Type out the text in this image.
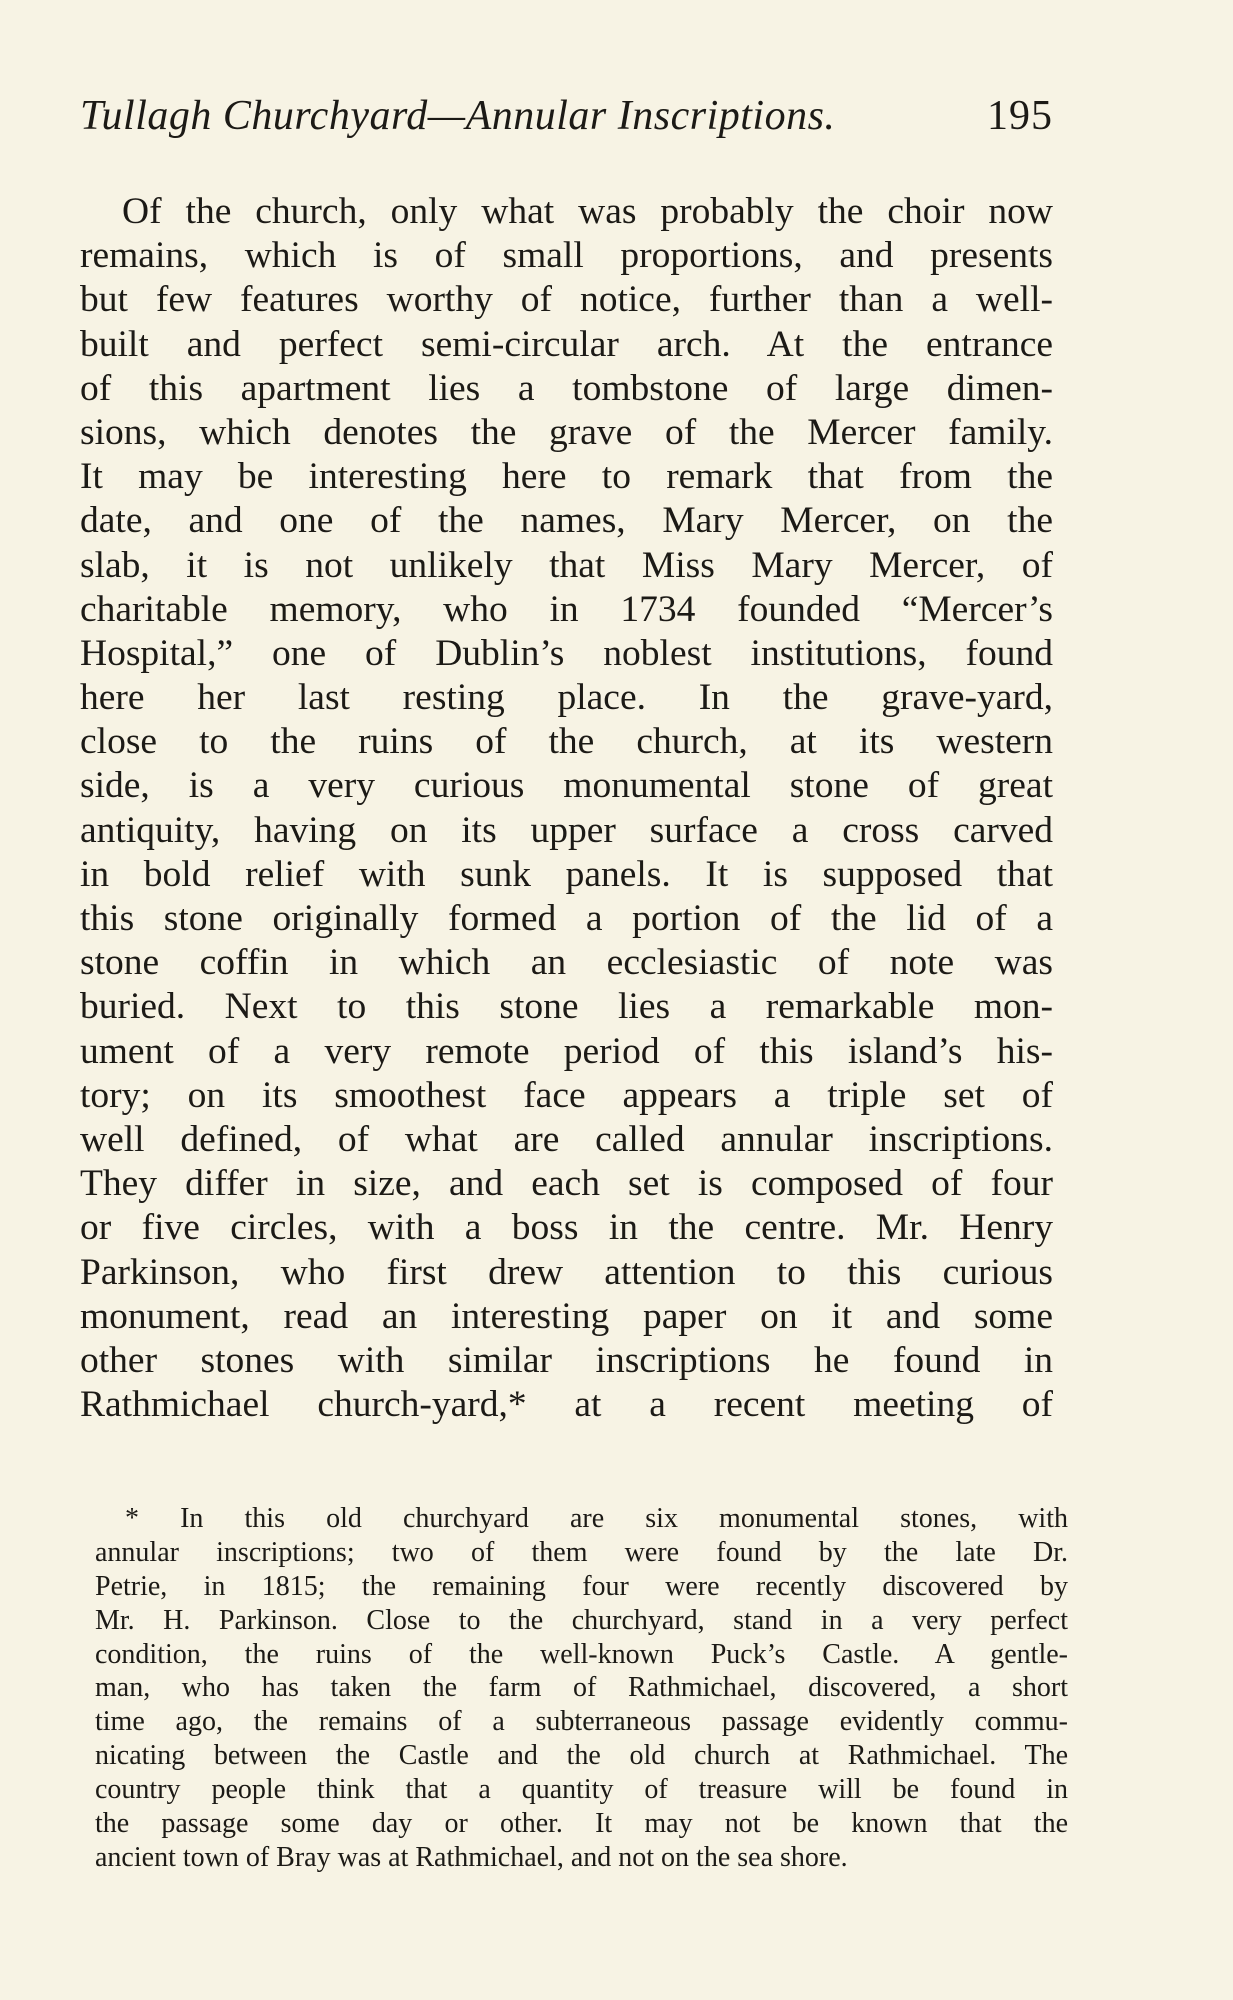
Tullagh Churchyard—Annular Inscriptions.	195
Of the church, only what was probably the choir now
remains, which is of small proportions, and presents
but few features worthy of notice, further than a well-
built and perfect semi-circular arch. At the entrance
of this apartment lies a tombstone of large dimen-
sions, which denotes the grave of the Mercer family.
It may be interesting here to remark that from the
date, and one of the names, Mary Mercer, on the
slab, it is not unlikely that Miss Mary Mercer, of
charitable memory, who in 1734 founded “Mercer’s
Hospital,” one of Dublin’s noblest institutions, found
here her last resting place. In the grave-yard,
close to the ruins of the church, at its western
side, is a very curious monumental stone of great
antiquity, having on its upper surface a cross carved
in bold relief with sunk panels. It is supposed that
this stone originally formed a portion of the lid of a
stone coffin in which an ecclesiastic of note was
buried. Next to this stone lies a remarkable mon-
ument of a very remote period of this island’s his-
tory; on its smoothest face appears a triple set of
well defined, of what are called annular inscriptions.
They differ in size, and each set is composed of four
or five circles, with a boss in the centre. Mr. Henry
Parkinson, who first drew attention to this curious
monument, read an interesting paper on it and some
other stones with similar inscriptions he found in
Rathmichael church-yard,* at a recent meeting of
* In this old churchyard are six monumental stones, with
annular inscriptions; two of them were found by the late Dr.
Petrie, in 1815; the remaining four were recently discovered by
Mr. H. Parkinson. Close to the churchyard, stand in a very perfect
condition, the ruins of the well-known Puck’s Castle. A gentle-
man, who has taken the farm of Rathmichael, discovered, a short
time ago, the remains of a subterraneous passage evidently commu-
nicating between the Castle and the old church at Rathmichael. The
country people think that a quantity of treasure will be found in
the passage some day or other. It may not be known that the
ancient town of Bray was at Rathmichael, and not on the sea shore.
